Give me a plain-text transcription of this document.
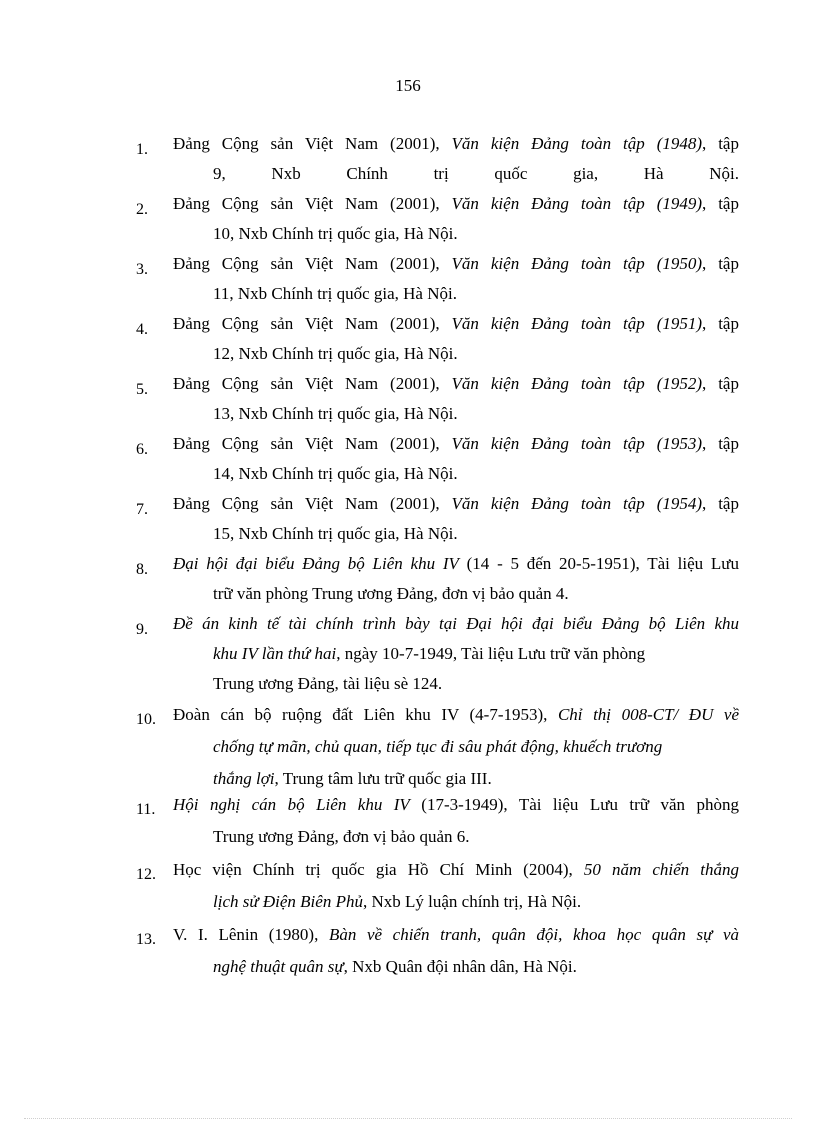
156
1. Đảng Cộng sản Việt Nam (2001), Văn kiện Đảng toàn tập (1948), tập
9, Nxb Chính trị quốc gia, Hà Nội.
2. Đảng Cộng sản Việt Nam (2001), Văn kiện Đảng toàn tập (1949), tập
10, Nxb Chính trị quốc gia, Hà Nội.
3. Đảng Cộng sản Việt Nam (2001), Văn kiện Đảng toàn tập (1950), tập
11, Nxb Chính trị quốc gia, Hà Nội.
4. Đảng Cộng sản Việt Nam (2001), Văn kiện Đảng toàn tập (1951), tập
12, Nxb Chính trị quốc gia, Hà Nội.
5. Đảng Cộng sản Việt Nam (2001), Văn kiện Đảng toàn tập (1952), tập
13, Nxb Chính trị quốc gia, Hà Nội.
6. Đảng Cộng sản Việt Nam (2001), Văn kiện Đảng toàn tập (1953), tập
14, Nxb Chính trị quốc gia, Hà Nội.
7. Đảng Cộng sản Việt Nam (2001), Văn kiện Đảng toàn tập (1954), tập
15, Nxb Chính trị quốc gia, Hà Nội.
8. Đại hội đại biểu Đảng bộ Liên khu IV (14 - 5 đến 20-5-1951), Tài liệu Lưu
trữ văn phòng Trung ương Đảng, đơn vị bảo quản 4.
9. Đề án kinh tế tài chính trình bày tại Đại hội đại biểu Đảng bộ Liên khu
khu IV lần thứ hai, ngày 10-7-1949, Tài liệu Lưu trữ văn phòng
Trung ương Đảng, tài liệu sè 124.
10. Đoàn cán bộ ruộng đất Liên khu IV (4-7-1953), Chỉ thị 008-CT/ ĐU về
chống tự mãn, chủ quan, tiếp tục đi sâu phát động, khuếch trương
thắng lợi, Trung tâm lưu trữ quốc gia III.
11. Hội nghị cán bộ Liên khu IV (17-3-1949), Tài liệu Lưu trữ văn phòng
Trung ương Đảng, đơn vị bảo quản 6.
12. Học viện Chính trị quốc gia Hồ Chí Minh (2004), 50 năm chiến thắng
lịch sử Điện Biên Phủ, Nxb Lý luận chính trị, Hà Nội.
13. V. I. Lênin (1980), Bàn về chiến tranh, quân đội, khoa học quân sự và
nghệ thuật quân sự, Nxb Quân đội nhân dân, Hà Nội.
